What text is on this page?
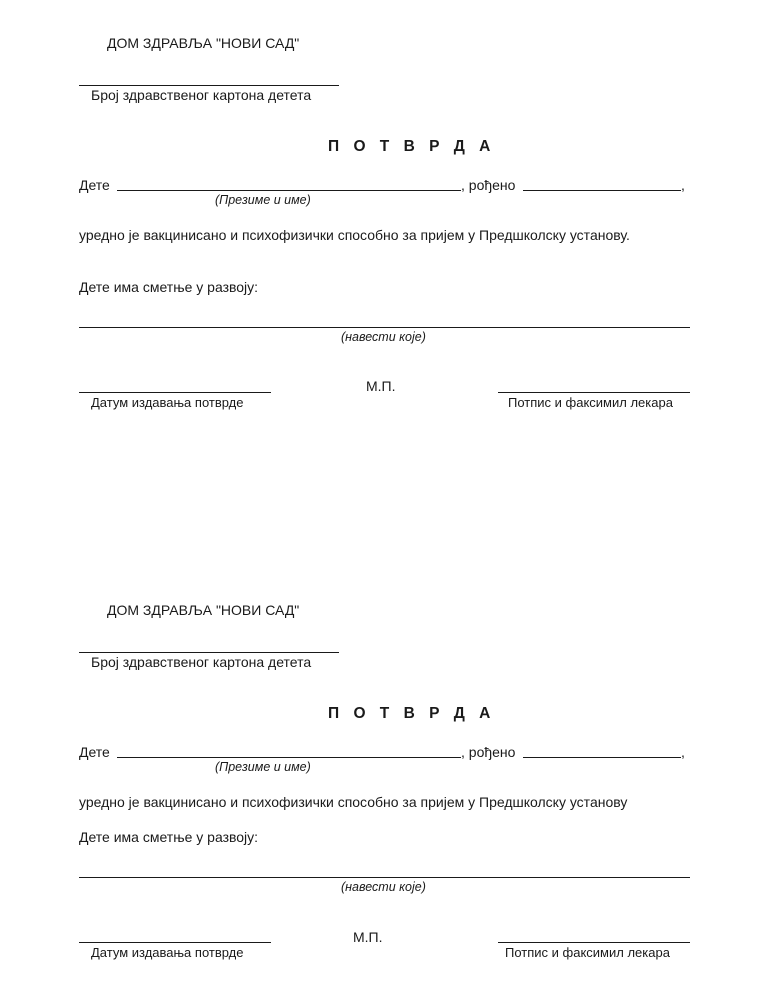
ДОМ ЗДРАВЉА "НОВИ САД"
Број здравственог картона детета
П О Т В Р Д А
Дете	, рођено	,
(Презиме и име)
уредно је вакцинисано и психофизички способно за пријем у Предшколску установу.
Дете има сметње у развоју:
(навести које)
М.П.
Датум издавања потврде	Потпис и факсимил лекара
ДОМ ЗДРАВЉА "НОВИ САД"
Број здравственог картона детета
П О Т В Р Д А
Дете	, рођено	,
(Презиме и име)
уредно је вакцинисано и психофизички способно за пријем у Предшколску установу
Дете има сметње у развоју:
(навести које)
М.П.
Датум издавања потврде	Потпис и факсимил лекара
